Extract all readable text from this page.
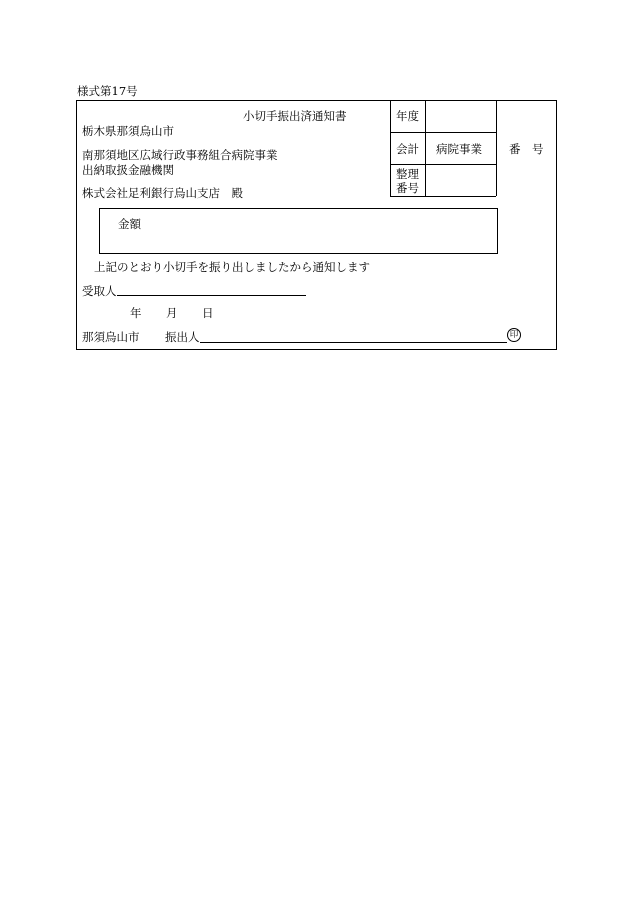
様式第17号
年度
会計 病院事業 番　号
整理
番号
小切手振出済通知書
栃木県那須烏山市
南那須地区広域行政事務組合病院事業
出納取扱金融機関
株式会社足利銀行烏山支店　殿
金額
上記のとおり小切手を振り出しましたから通知します
受取人
年 月 日
那須烏山市 振出人	印
